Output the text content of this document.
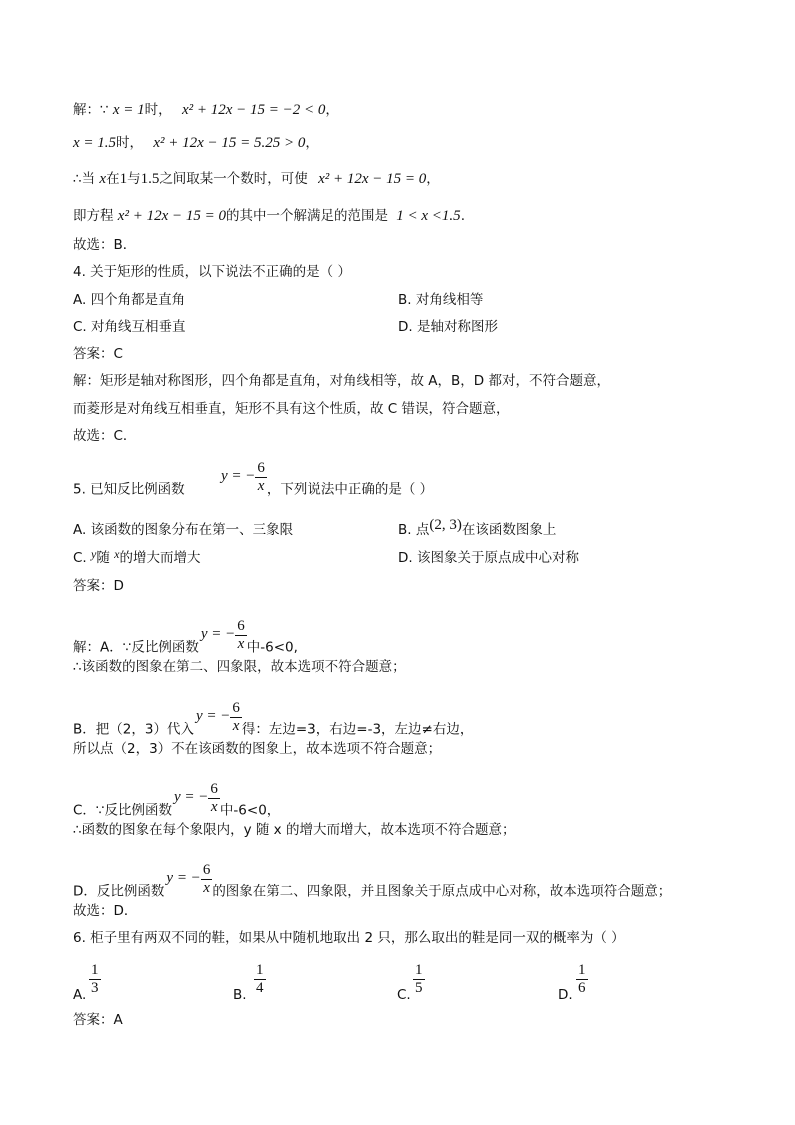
解：∵ x = 1时， x² + 12x − 15 = −2 < 0，
x = 1.5时， x² + 12x − 15 = 5.25 > 0，
∴当 x在1与1.5之间取某一个数时，可使 x² + 12x − 15 = 0，
即方程 x² + 12x − 15 = 0的其中一个解满足的范围是 1 < x <1.5.
故选：B．
4. 关于矩形的性质，以下说法不正确的是（ ）
A. 四个角都是直角	B. 对角线相等
C. 对角线互相垂直	D. 是轴对称图形
答案：C
解：矩形是轴对称图形，四个角都是直角，对角线相等，故 A，B，D 都对，不符合题意，
而菱形是对角线互相垂直，矩形不具有这个性质，故 C 错误，符合题意，
故选：C．
5. 已知反比例函数 y = − $\frac{6}{x}$ ，下列说法中正确的是（ ）
A. 该函数的图象分布在第一、三象限	B. 点(2, 3)在该函数图象上
C. y随 x的增大而增大	D. 该图象关于原点成中心对称
答案：D
解：A．∵反比例函数y = − $\frac{6}{x}$ 中-6<0,
∴该函数的图象在第二、四象限，故本选项不符合题意；
B．把（2，3）代入y = − $\frac{6}{x}$ 得：左边=3，右边=-3，左边≠右边，
所以点（2，3）不在该函数的图象上，故本选项不符合题意；
C．∵反比例函数y = − $\frac{6}{x}$ 中-6<0，
∴函数的图象在每个象限内，y 随 x 的增大而增大，故本选项不符合题意；
D．反比例函数y = − $\frac{6}{x}$ 的图象在第二、四象限，并且图象关于原点成中心对称，故本选项符合题意；
故选：D．
6. 柜子里有两双不同的鞋，如果从中随机地取出 2 只，那么取出的鞋是同一双的概率为（ ）
A. $\frac{1}{3}$	B. $\frac{1}{4}$	C. $\frac{1}{5}$	D. $\frac{1}{6}$
答案：A
